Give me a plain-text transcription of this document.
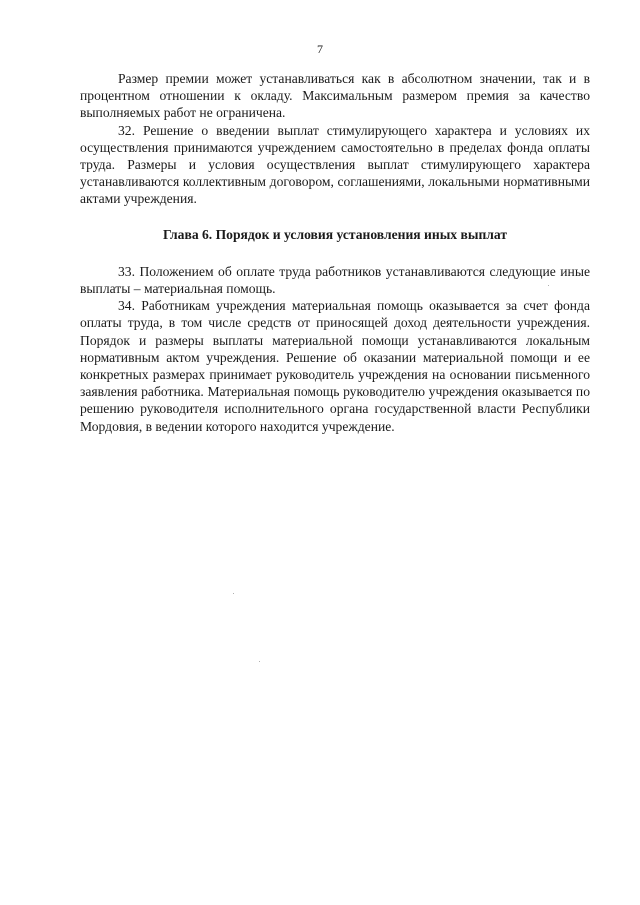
7

Размер премии может устанавливаться как в абсолютном значении, так и в процентном отношении к окладу. Максимальным размером премия за качество выполняемых работ не ограничена.

32. Решение о введении выплат стимулирующего характера и условиях их осуществления принимаются учреждением самостоятельно в пределах фонда оплаты труда. Размеры и условия осуществления выплат стимулирующего характера устанавливаются коллективным договором, соглашениями, локальными нормативными актами учреждения.

Глава 6. Порядок и условия установления иных выплат

33. Положением об оплате труда работников устанавливаются следующие иные выплаты – материальная помощь.

34. Работникам учреждения материальная помощь оказывается за счет фонда оплаты труда, в том числе средств от приносящей доход деятельности учреждения. Порядок и размеры выплаты материальной помощи устанавливаются локальным нормативным актом учреждения. Решение об оказании материальной помощи и ее конкретных размерах принимает руководитель учреждения на основании письменного заявления работника. Материальная помощь руководителю учреждения оказывается по решению руководителя исполнительного органа государственной власти Республики Мордовия, в ведении которого находится учреждение.
